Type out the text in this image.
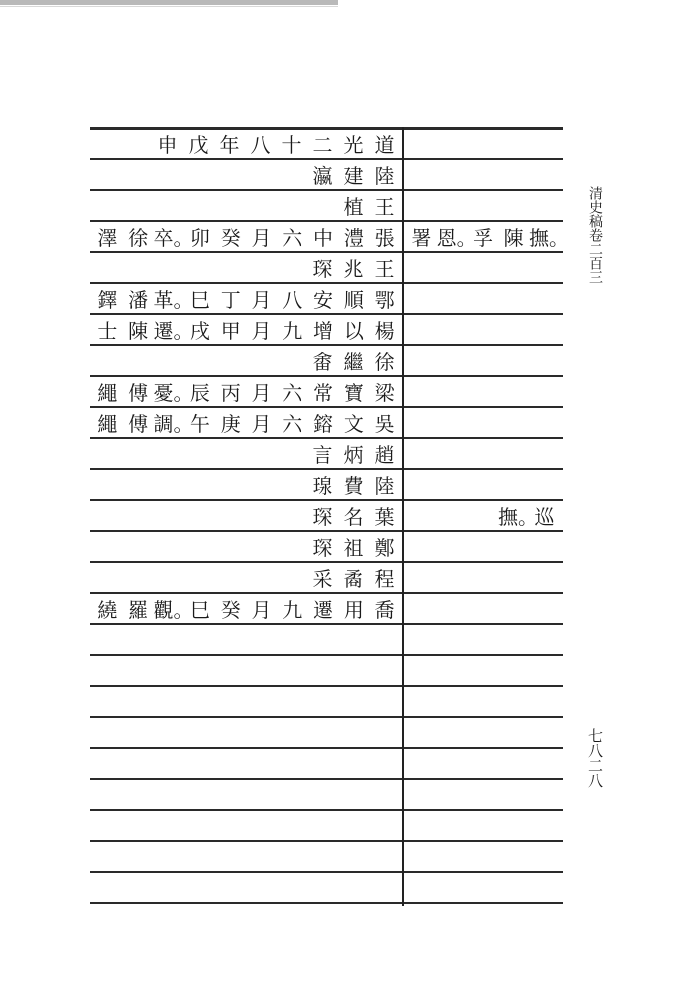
道
光
二
十
八
年
戊
申
陸
建
瀛
王
植
張
澧
中
六
月
癸
卯
卒。
徐
澤	撫。
陳
孚
恩。
署
王
兆
琛
鄂
順
安
八
月
丁
巳
革。
潘
鐸
楊
以
增
九
月
甲
戌
遷。
陳
士
徐
繼
畬
梁
寶
常
六
月
丙
辰
憂。
傅
繩
吳
文
鎔
六
月
庚
午
調。
傅
繩
趙
炳
言
陸
費
瑔
葉
名
琛	巡
撫。
鄭
祖
琛
程
矞
采
喬
用
遷
九
月
癸
巳
觀。
羅
繞
清史稿卷二百三
七八二八
